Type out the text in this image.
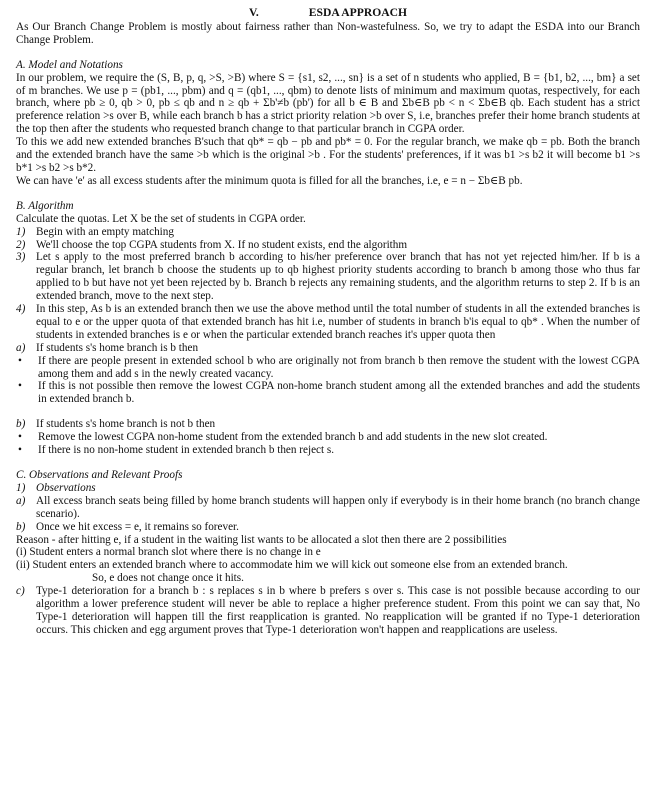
V.	ESDA APPROACH

As Our Branch Change Problem is mostly about fairness rather than Non-wastefulness. So, we try to adapt the ESDA into our Branch Change Problem.

A. Model and Notations

In our problem, we require the (S, B, p, q, >S, >B) where S = {s1, s2, ..., sn} is a set of n students who applied, B = {b1, b2, ..., bm} a set of m branches. We use p = (pb1, ..., pbm) and q = (qb1, ..., qbm) to denote lists of minimum and maximum quotas, respectively, for each branch, where pb ≥ 0, qb > 0, pb ≤ qb and n ≥ qb + Σb'≠b (pb') for all b ∈ B and Σb∈B pb < n < Σb∈B qb. Each student has a strict preference relation >s over B, while each branch b has a strict priority relation >b over S, i.e, branches prefer their home branch students at the top then after the students who requested branch change to that particular branch in CGPA order.

To this we add new extended branches B'such that qb* = qb − pb and pb* = 0. For the regular branch, we make qb = pb. Both the branch and the extended branch have the same >b which is the original >b . For the students' preferences, if it was b1 >s b2 it will become b1 >s b*1 >s b2 >s b*2.

We can have 'e' as all excess students after the minimum quota is filled for all the branches, i.e, e = n − Σb∈B pb.

B. Algorithm

Calculate the quotas. Let X be the set of students in CGPA order.

1) Begin with an empty matching
2) We'll choose the top CGPA students from X. If no student exists, end the algorithm
3) Let s apply to the most preferred branch b according to his/her preference over branch that has not yet rejected him/her. If b is a regular branch, let branch b choose the students up to qb highest priority students according to branch b among those who thus far applied to b but have not yet been rejected by b. Branch b rejects any remaining students, and the algorithm returns to step 2. If b is an extended branch, move to the next step.
4) In this step, As b is an extended branch then we use the above method until the total number of students in all the extended branches is equal to e or the upper quota of that extended branch has hit i.e, number of students in branch b'is equal to qb* . When the number of students in extended branches is e or when the particular extended branch reaches it's upper quota then
a) If students s's home branch is b then
•	If there are people present in extended school b who are originally not from branch b then remove the student with the lowest CGPA among them and add s in the newly created vacancy.
•	If this is not possible then remove the lowest CGPA non-home branch student among all the extended branches and add the students in extended branch b.
b) If students s's home branch is not b then
•	Remove the lowest CGPA non-home student from the extended branch b and add students in the new slot created.
•	If there is no non-home student in extended branch b then reject s.

C. Observations and Relevant Proofs

1) Observations
a) All excess branch seats being filled by home branch students will happen only if everybody is in their home branch (no branch change scenario).
b) Once we hit excess = e, it remains so forever.

Reason - after hitting e, if a student in the waiting list wants to be allocated a slot then there are 2 possibilities

(i) Student enters a normal branch slot where there is no change in e

(ii) Student enters an extended branch where to accommodate him we will kick out someone else from an extended branch.

So, e does not change once it hits.

c)	Type-1 deterioration for a branch b : s replaces s in b where b prefers s over s. This case is not possible because according to our algorithm a lower preference student will never be able to replace a higher preference student. From this point we can say that, No Type-1 deterioration will happen till the first reapplication is granted. No reapplication will be granted if no Type-1 deterioration occurs. This chicken and egg argument proves that Type-1 deterioration won't happen and reapplications are useless.
